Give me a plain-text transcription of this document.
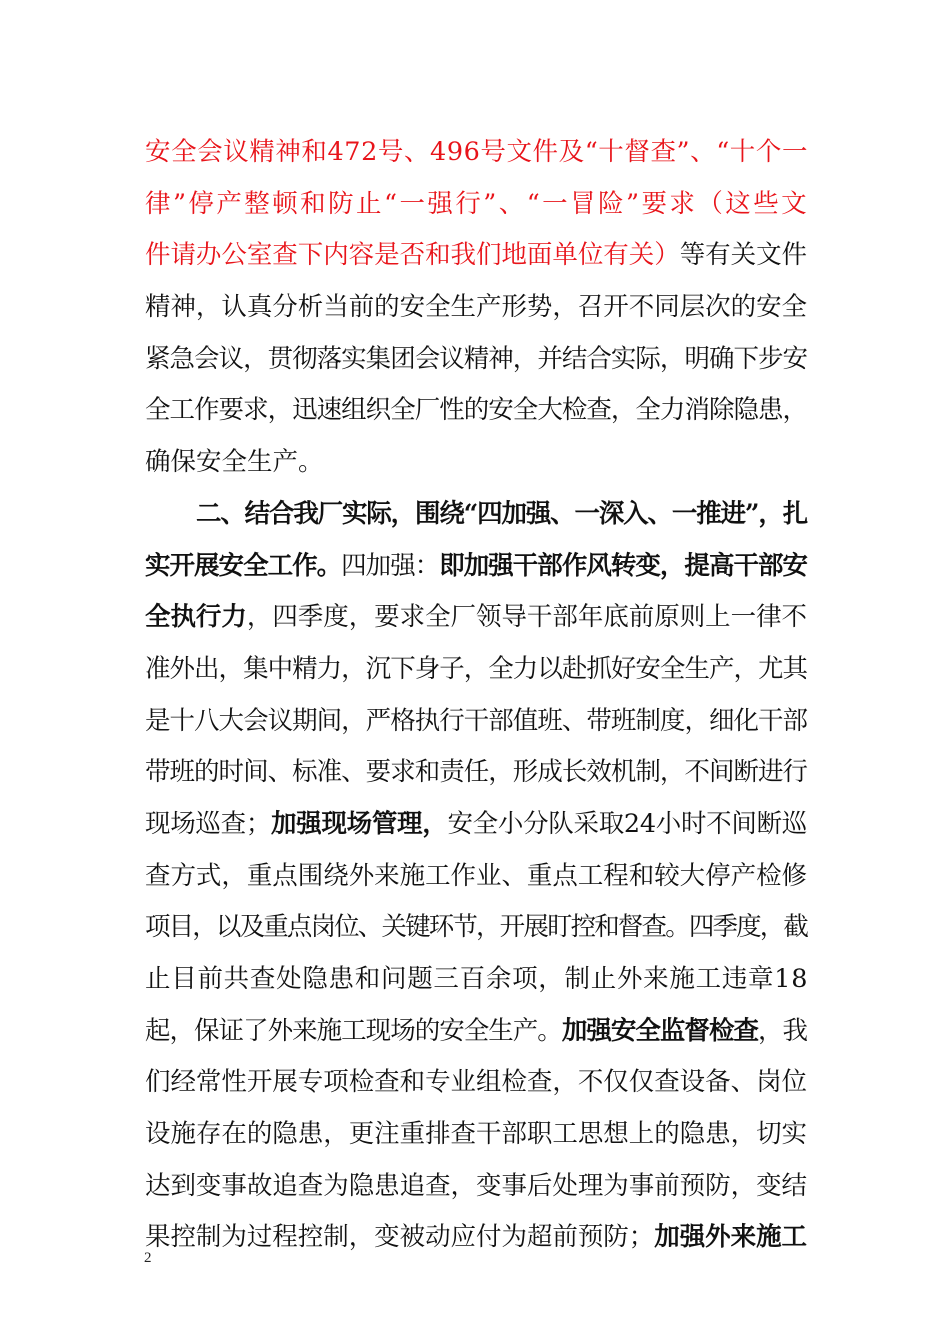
安全会议精神和472号、496号文件及“十督查”、“十个一
律”停产整顿和防止“一强行”、“一冒险”要求（这些文
件请办公室查下内容是否和我们地面单位有关）等有关文件
精神，认真分析当前的安全生产形势，召开不同层次的安全
紧急会议，贯彻落实集团会议精神，并结合实际，明确下步安
全工作要求，迅速组织全厂性的安全大检查，全力消除隐患，
确保安全生产。
二、结合我厂实际，围绕“四加强、一深入、一推进”，扎
实开展安全工作。四加强：即加强干部作风转变，提高干部安
全执行力，四季度，要求全厂领导干部年底前原则上一律不
准外出，集中精力，沉下身子，全力以赴抓好安全生产，尤其
是十八大会议期间，严格执行干部值班、带班制度，细化干部
带班的时间、标准、要求和责任，形成长效机制，不间断进行
现场巡查；加强现场管理，安全小分队采取24小时不间断巡
查方式，重点围绕外来施工作业、重点工程和较大停产检修
项目，以及重点岗位、关键环节，开展盯控和督查。四季度，截
止目前共查处隐患和问题三百余项，制止外来施工违章18
起，保证了外来施工现场的安全生产。加强安全监督检查，我
们经常性开展专项检查和专业组检查，不仅仅查设备、岗位
设施存在的隐患，更注重排查干部职工思想上的隐患，切实
达到变事故追查为隐患追查，变事后处理为事前预防，变结
果控制为过程控制，变被动应付为超前预防；加强外来施工
2
